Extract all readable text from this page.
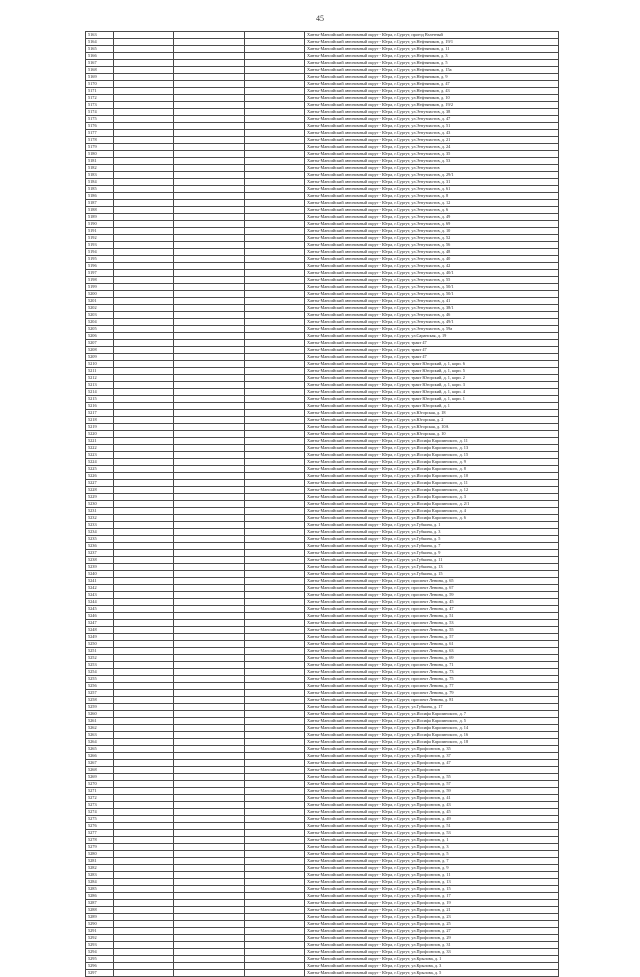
45
5163				Ханты-Мансийский автономный округ - Югра, г.Сургут, проезд Взлетный
5164				Ханты-Мансийский автономный округ - Югра, г.Сургут, ул.Нефтяников, д. 19/1
5165				Ханты-Мансийский автономный округ - Югра, г.Сургут, ул.Нефтяников, д. 11
5166				Ханты-Мансийский автономный округ - Югра, г.Сургут, ул.Нефтяников, д. 3
5167				Ханты-Мансийский автономный округ - Югра, г.Сургут, ул.Нефтяников, д. 5
5168				Ханты-Мансийский автономный округ - Югра, г.Сургут, ул.Нефтяников, д. 15а
5169				Ханты-Мансийский автономный округ - Югра, г.Сургут, ул.Нефтяников, д. 9
5170				Ханты-Мансийский автономный округ - Югра, г.Сургут, ул.Нефтяников, д. 47
5171				Ханты-Мансийский автономный округ - Югра, г.Сургут, ул.Нефтяников, д. 43
5172				Ханты-Мансийский автономный округ - Югра, г.Сургут, ул.Нефтяников, д. 10
5173				Ханты-Мансийский автономный округ - Югра, г.Сургут, ул.Нефтяников, д. 19/2
5174				Ханты-Мансийский автономный округ - Югра, г.Сургут, ул.Энтузиастов, д. 38
5175				Ханты-Мансийский автономный округ - Югра, г.Сургут, ул.Энтузиастов, д. 47
5176				Ханты-Мансийский автономный округ - Югра, г.Сургут, ул.Энтузиастов, д. 51
5177				Ханты-Мансийский автономный округ - Югра, г.Сургут, ул.Энтузиастов, д. 43
5178				Ханты-Мансийский автономный округ - Югра, г.Сургут, ул.Энтузиастов, д. 21
5179				Ханты-Мансийский автономный округ - Югра, г.Сургут, ул.Энтузиастов, д. 24
5180				Ханты-Мансийский автономный округ - Югра, г.Сургут, ул.Энтузиастов, д. 35
5181				Ханты-Мансийский автономный округ - Югра, г.Сургут, ул.Энтузиастов, д. 53
5182				Ханты-Мансийский автономный округ - Югра, г.Сургут, ул.Энтузиастов
5183				Ханты-Мансийский автономный округ - Югра, г.Сургут, ул.Энтузиастов, д. 29/1
5184				Ханты-Мансийский автономный округ - Югра, г.Сургут, ул.Энтузиастов, д. 31
5185				Ханты-Мансийский автономный округ - Югра, г.Сургут, ул.Энтузиастов, д. 61
5186				Ханты-Мансийский автономный округ - Югра, г.Сургут, ул.Энтузиастов, д. 8
5187				Ханты-Мансийский автономный округ - Югра, г.Сургут, ул.Энтузиастов, д. 12
5188				Ханты-Мансийский автономный округ - Югра, г.Сургут, ул.Энтузиастов, д. 6
5189				Ханты-Мансийский автономный округ - Югра, г.Сургут, ул.Энтузиастов, д. 49
5190				Ханты-Мансийский автономный округ - Югра, г.Сургут, ул.Энтузиастов, д. 69
5191				Ханты-Мансийский автономный округ - Югра, г.Сургут, ул.Энтузиастов, д. 10
5192				Ханты-Мансийский автономный округ - Югра, г.Сургут, ул.Энтузиастов, д. 52
5193				Ханты-Мансийский автономный округ - Югра, г.Сургут, ул.Энтузиастов, д. 56
5194				Ханты-Мансийский автономный округ - Югра, г.Сургут, ул.Энтузиастов, д. 48
5195				Ханты-Мансийский автономный округ - Югра, г.Сургут, ул.Энтузиастов, д. 40
5196				Ханты-Мансийский автономный округ - Югра, г.Сургут, ул.Энтузиастов, д. 42
5197				Ханты-Мансийский автономный округ - Югра, г.Сургут, ул.Энтузиастов, д. 40/1
5198				Ханты-Мансийский автономный округ - Югра, г.Сургут, ул.Энтузиастов, д. 55
5199				Ханты-Мансийский автономный округ - Югра, г.Сургут, ул.Энтузиастов, д. 50/1
5200				Ханты-Мансийский автономный округ - Югра, г.Сургут, ул.Энтузиастов, д. 50/1
5201				Ханты-Мансийский автономный округ - Югра, г.Сургут, ул.Энтузиастов, д. 41
5202				Ханты-Мансийский автономный округ - Югра, г.Сургут, ул.Энтузиастов, д. 38/1
5203				Ханты-Мансийский автономный округ - Югра, г.Сургут, ул.Энтузиастов, д. 46
5204				Ханты-Мансийский автономный округ - Югра, г.Сургут, ул.Энтузиастов, д. 49/1
5205				Ханты-Мансийский автономный округ - Югра, г.Сургут, ул.Энтузиастов, д. 59а
5206				Ханты-Мансийский автономный округ - Югра, г.Сургут, ул.Саранская, д. 19
5207				Ханты-Мансийский автономный округ - Югра, г.Сургут, тракт 47
5208				Ханты-Мансийский автономный округ - Югра, г.Сургут, тракт 47
5209				Ханты-Мансийский автономный округ - Югра, г.Сургут, тракт 47
5210				Ханты-Мансийский автономный округ - Югра, г.Сургут, тракт Югорский, д. 1, корп. 6
5211				Ханты-Мансийский автономный округ - Югра, г.Сургут, тракт Югорский, д. 1, корп. 5
5212				Ханты-Мансийский автономный округ - Югра, г.Сургут, тракт Югорский, д. 1, корп. 2
5213				Ханты-Мансийский автономный округ - Югра, г.Сургут, тракт Югорский, д. 1, корп. 3
5214				Ханты-Мансийский автономный округ - Югра, г.Сургут, тракт Югорский, д. 1, корп. 4
5215				Ханты-Мансийский автономный округ - Югра, г.Сургут, тракт Югорский, д. 1, корп. 1
5216				Ханты-Мансийский автономный округ - Югра, г.Сургут, тракт Югорский, д. 1
5217				Ханты-Мансийский автономный округ - Югра, г.Сургут, ул.Югорская, д. 18
5218				Ханты-Мансийский автономный округ - Югра, г.Сургут, ул.Югорская, д. 2
5219				Ханты-Мансийский автономный округ - Югра, г.Сургут, ул.Югорская, д. 10А
5220				Ханты-Мансийский автономный округ - Югра, г.Сургут, ул.Югорская, д. 10
5221				Ханты-Мансийский автономный округ - Югра, г.Сургут, ул.Иосифа Каролинского, д. 11
5222				Ханты-Мансийский автономный округ - Югра, г.Сургут, ул.Иосифа Каролинского, д. 13
5223				Ханты-Мансийский автономный округ - Югра, г.Сургут, ул.Иосифа Каролинского, д. 15
5224				Ханты-Мансийский автономный округ - Югра, г.Сургут, ул.Иосифа Каролинского, д. 9
5225				Ханты-Мансийский автономный округ - Югра, г.Сургут, ул.Иосифа Каролинского, д. 8
5226				Ханты-Мансийский автономный округ - Югра, г.Сургут, ул.Иосифа Каролинского, д. 10
5227				Ханты-Мансийский автономный округ - Югра, г.Сургут, ул.Иосифа Каролинского, д. 11
5228				Ханты-Мансийский автономный округ - Югра, г.Сургут, ул.Иосифа Каролинского, д. 12
5229				Ханты-Мансийский автономный округ - Югра, г.Сургут, ул.Иосифа Каролинского, д. 3
5230				Ханты-Мансийский автономный округ - Югра, г.Сургут, ул.Иосифа Каролинского, д. 2/1
5231				Ханты-Мансийский автономный округ - Югра, г.Сургут, ул.Иосифа Каролинского, д. 4
5232				Ханты-Мансийский автономный округ - Югра, г.Сургут, ул.Иосифа Каролинского, д. 6
5233				Ханты-Мансийский автономный округ - Югра, г.Сургут, ул.Губкина, д. 1
5234				Ханты-Мансийский автономный округ - Югра, г.Сургут, ул.Губкина, д. 3
5235				Ханты-Мансийский автономный округ - Югра, г.Сургут, ул.Губкина, д. 5
5236				Ханты-Мансийский автономный округ - Югра, г.Сургут, ул.Губкина, д. 7
5237				Ханты-Мансийский автономный округ - Югра, г.Сургут, ул.Губкина, д. 9
5238				Ханты-Мансийский автономный округ - Югра, г.Сургут, ул.Губкина, д. 11
5239				Ханты-Мансийский автономный округ - Югра, г.Сургут, ул.Губкина, д. 13
5240				Ханты-Мансийский автономный округ - Югра, г.Сургут, ул.Губкина, д. 15
5241				Ханты-Мансийский автономный округ - Югра, г.Сургут, проспект Ленина, д. 65
5242				Ханты-Мансийский автономный округ - Югра, г.Сургут, проспект Ленина, д. 67
5243				Ханты-Мансийский автономный округ - Югра, г.Сургут, проспект Ленина, д. 59
5244				Ханты-Мансийский автономный округ - Югра, г.Сургут, проспект Ленина, д. 45
5245				Ханты-Мансийский автономный округ - Югра, г.Сургут, проспект Ленина, д. 47
5246				Ханты-Мансийский автономный округ - Югра, г.Сургут, проспект Ленина, д. 51
5247				Ханты-Мансийский автономный округ - Югра, г.Сургут, проспект Ленина, д. 53
5248				Ханты-Мансийский автономный округ - Югра, г.Сургут, проспект Ленина, д. 55
5249				Ханты-Мансийский автономный округ - Югра, г.Сургут, проспект Ленина, д. 57
5250				Ханты-Мансийский автономный округ - Югра, г.Сургут, проспект Ленина, д. 61
5251				Ханты-Мансийский автономный округ - Югра, г.Сургут, проспект Ленина, д. 63
5252				Ханты-Мансийский автономный округ - Югра, г.Сургут, проспект Ленина, д. 69
5253				Ханты-Мансийский автономный округ - Югра, г.Сургут, проспект Ленина, д. 71
5254				Ханты-Мансийский автономный округ - Югра, г.Сургут, проспект Ленина, д. 73
5255				Ханты-Мансийский автономный округ - Югра, г.Сургут, проспект Ленина, д. 75
5256				Ханты-Мансийский автономный округ - Югра, г.Сургут, проспект Ленина, д. 77
5257				Ханты-Мансийский автономный округ - Югра, г.Сургут, проспект Ленина, д. 79
5258				Ханты-Мансийский автономный округ - Югра, г.Сургут, проспект Ленина, д. 81
5259				Ханты-Мансийский автономный округ - Югра, г.Сургут, ул.Губкина, д. 17
5260				Ханты-Мансийский автономный округ - Югра, г.Сургут, ул.Иосифа Каролинского, д. 7
5261				Ханты-Мансийский автономный округ - Югра, г.Сургут, ул.Иосифа Каролинского, д. 5
5262				Ханты-Мансийский автономный округ - Югра, г.Сургут, ул.Иосифа Каролинского, д. 14
5263				Ханты-Мансийский автономный округ - Югра, г.Сургут, ул.Иосифа Каролинского, д. 16
5264				Ханты-Мансийский автономный округ - Югра, г.Сургут, ул.Иосифа Каролинского, д. 18
5265				Ханты-Мансийский автономный округ - Югра, г.Сургут, ул.Профсоюзов, д. 35
5266				Ханты-Мансийский автономный округ - Югра, г.Сургут, ул.Профсоюзов, д. 37
5267				Ханты-Мансийский автономный округ - Югра, г.Сургут, ул.Профсоюзов, д. 47
5268				Ханты-Мансийский автономный округ - Югра, г.Сургут, ул.Профсоюзов
5269				Ханты-Мансийский автономный округ - Югра, г.Сургут, ул.Профсоюзов, д. 55
5270				Ханты-Мансийский автономный округ - Югра, г.Сургут, ул.Профсоюзов, д. 57
5271				Ханты-Мансийский автономный округ - Югра, г.Сургут, ул.Профсоюзов, д. 59
5272				Ханты-Мансийский автономный округ - Югра, г.Сургут, ул.Профсоюзов, д. 41
5273				Ханты-Мансийский автономный округ - Югра, г.Сургут, ул.Профсоюзов, д. 43
5274				Ханты-Мансийский автономный округ - Югра, г.Сургут, ул.Профсоюзов, д. 45
5275				Ханты-Мансийский автономный округ - Югра, г.Сургут, ул.Профсоюзов, д. 49
5276				Ханты-Мансийский автономный округ - Югра, г.Сургут, ул.Профсоюзов, д. 51
5277				Ханты-Мансийский автономный округ - Югра, г.Сургут, ул.Профсоюзов, д. 53
5278				Ханты-Мансийский автономный округ - Югра, г.Сургут, ул.Профсоюзов, д. 1
5279				Ханты-Мансийский автономный округ - Югра, г.Сургут, ул.Профсоюзов, д. 3
5280				Ханты-Мансийский автономный округ - Югра, г.Сургут, ул.Профсоюзов, д. 5
5281				Ханты-Мансийский автономный округ - Югра, г.Сургут, ул.Профсоюзов, д. 7
5282				Ханты-Мансийский автономный округ - Югра, г.Сургут, ул.Профсоюзов, д. 9
5283				Ханты-Мансийский автономный округ - Югра, г.Сургут, ул.Профсоюзов, д. 11
5284				Ханты-Мансийский автономный округ - Югра, г.Сургут, ул.Профсоюзов, д. 13
5285				Ханты-Мансийский автономный округ - Югра, г.Сургут, ул.Профсоюзов, д. 15
5286				Ханты-Мансийский автономный округ - Югра, г.Сургут, ул.Профсоюзов, д. 17
5287				Ханты-Мансийский автономный округ - Югра, г.Сургут, ул.Профсоюзов, д. 19
5288				Ханты-Мансийский автономный округ - Югра, г.Сургут, ул.Профсоюзов, д. 21
5289				Ханты-Мансийский автономный округ - Югра, г.Сургут, ул.Профсоюзов, д. 23
5290				Ханты-Мансийский автономный округ - Югра, г.Сургут, ул.Профсоюзов, д. 25
5291				Ханты-Мансийский автономный округ - Югра, г.Сургут, ул.Профсоюзов, д. 27
5292				Ханты-Мансийский автономный округ - Югра, г.Сургут, ул.Профсоюзов, д. 29
5293				Ханты-Мансийский автономный округ - Югра, г.Сургут, ул.Профсоюзов, д. 31
5294				Ханты-Мансийский автономный округ - Югра, г.Сургут, ул.Профсоюзов, д. 33
5295				Ханты-Мансийский автономный округ - Югра, г.Сургут, ул.Крылова, д. 1
5296				Ханты-Мансийский автономный округ - Югра, г.Сургут, ул.Крылова, д. 3
5297				Ханты-Мансийский автономный округ - Югра, г.Сургут, ул.Крылова, д. 5
